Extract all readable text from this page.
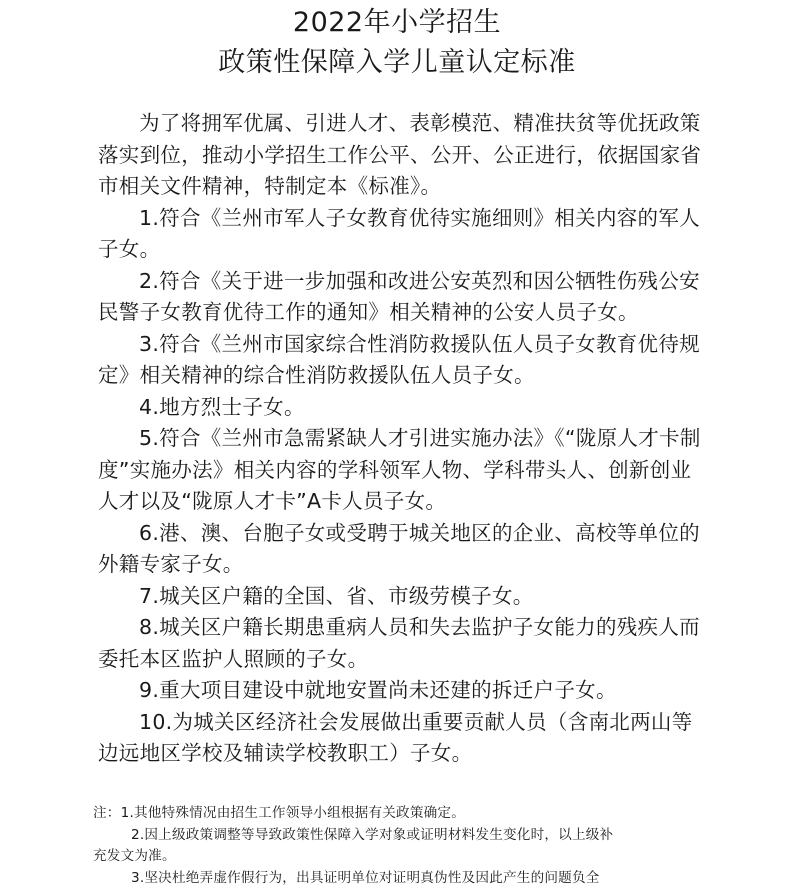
2022年小学招生
政策性保障入学儿童认定标准

为了将拥军优属、引进人才、表彰模范、精准扶贫等优抚政策落实到位，推动小学招生工作公平、公开、公正进行，依据国家省市相关文件精神，特制定本《标准》。

1.符合《兰州市军人子女教育优待实施细则》相关内容的军人子女。

2.符合《关于进一步加强和改进公安英烈和因公牺牲伤残公安民警子女教育优待工作的通知》相关精神的公安人员子女。

3.符合《兰州市国家综合性消防救援队伍人员子女教育优待规定》相关精神的综合性消防救援队伍人员子女。

4.地方烈士子女。

5.符合《兰州市急需紧缺人才引进实施办法》《“陇原人才卡制度”实施办法》相关内容的学科领军人物、学科带头人、创新创业人才以及“陇原人才卡”A卡人员子女。

6.港、澳、台胞子女或受聘于城关地区的企业、高校等单位的外籍专家子女。

7.城关区户籍的全国、省、市级劳模子女。

8.城关区户籍长期患重病人员和失去监护子女能力的残疾人而委托本区监护人照顾的子女。

9.重大项目建设中就地安置尚未还建的拆迁户子女。

10.为城关区经济社会发展做出重要贡献人员（含南北两山等边远地区学校及辅读学校教职工）子女。

注：1.其他特殊情况由招生工作领导小组根据有关政策确定。

2.因上级政策调整等导致政策性保障入学对象或证明材料发生变化时，以上级补

充发文为准。

3.坚决杜绝弄虚作假行为，出具证明单位对证明真伪性及因此产生的问题负全
